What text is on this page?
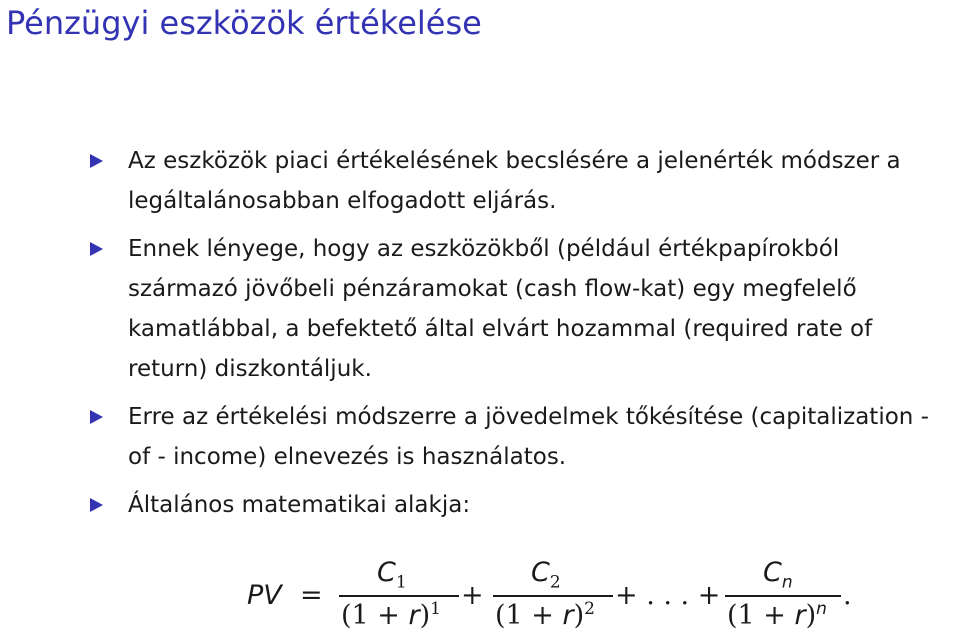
Pénzügyi eszközök értékelése
Az eszközök piaci értékelésének becslésére a jelenérték módszer a legáltalánosabban elfogadott eljárás.
Ennek lényege, hogy az eszközökből (például értékpapírokból származó jövőbeli pénzáramokat (cash flow-kat) egy megfelelő kamatlábbal, a befektető által elvárt hozammal (required rate of return) diszkontáljuk.
Erre az értékelési módszerre a jövedelmek tőkésítése (capitalization - of - income) elnevezés is használatos.
Általános matematikai alakja:
PV =
$C_1$
$(1 + r)^1$ +
$C_2$
$(1 + r)^2$ + . . . +
$C_n$
$(1 + r)^n$ .
